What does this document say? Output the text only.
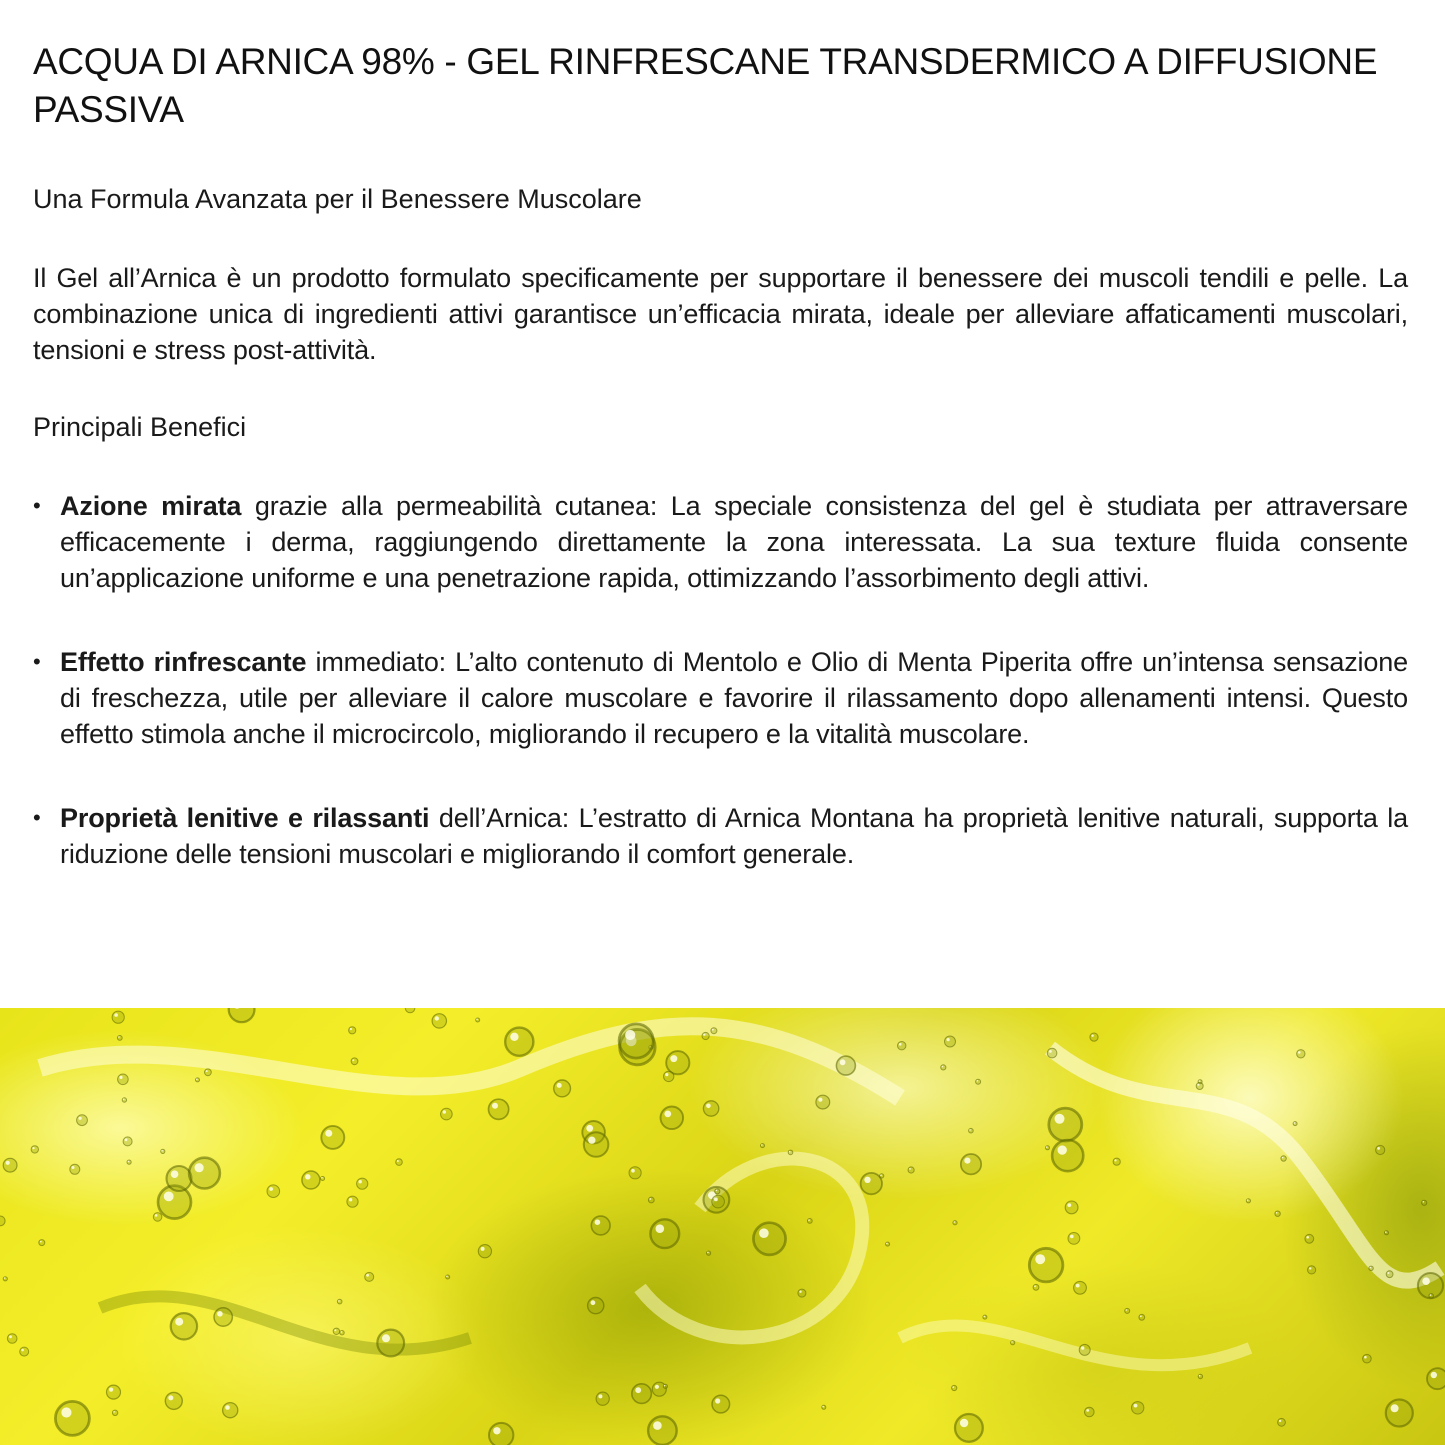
ACQUA DI ARNICA 98% - GEL RINFRESCANE TRANSDERMICO A DIFFUSIONE PASSIVA

Una Formula Avanzata per il Benessere Muscolare

Il Gel all’Arnica è un prodotto formulato specificamente per supportare il benessere dei muscoli tendili e pelle. La combinazione unica di ingredienti attivi garantisce un’efficacia mirata, ideale per alleviare affaticamenti muscolari, tensioni e stress post-attività.

Principali Benefici

• Azione mirata grazie alla permeabilità cutanea: La speciale consistenza del gel è studiata per attraversare efficacemente i derma, raggiungendo direttamente la zona interessata. La sua texture fluida consente un’applicazione uniforme e una penetrazione rapida, ottimizzando l’assorbimento degli attivi.
• Effetto rinfrescante immediato: L’alto contenuto di Mentolo e Olio di Menta Piperita offre un’intensa sensazione di freschezza, utile per alleviare il calore muscolare e favorire il rilassamento dopo allenamenti intensi. Questo effetto stimola anche il microcircolo, migliorando il recupero e la vitalità muscolare.
• Proprietà lenitive e rilassanti dell’Arnica: L’estratto di Arnica Montana ha proprietà lenitive naturali, supporta la riduzione delle tensioni muscolari e migliorando il comfort generale.
